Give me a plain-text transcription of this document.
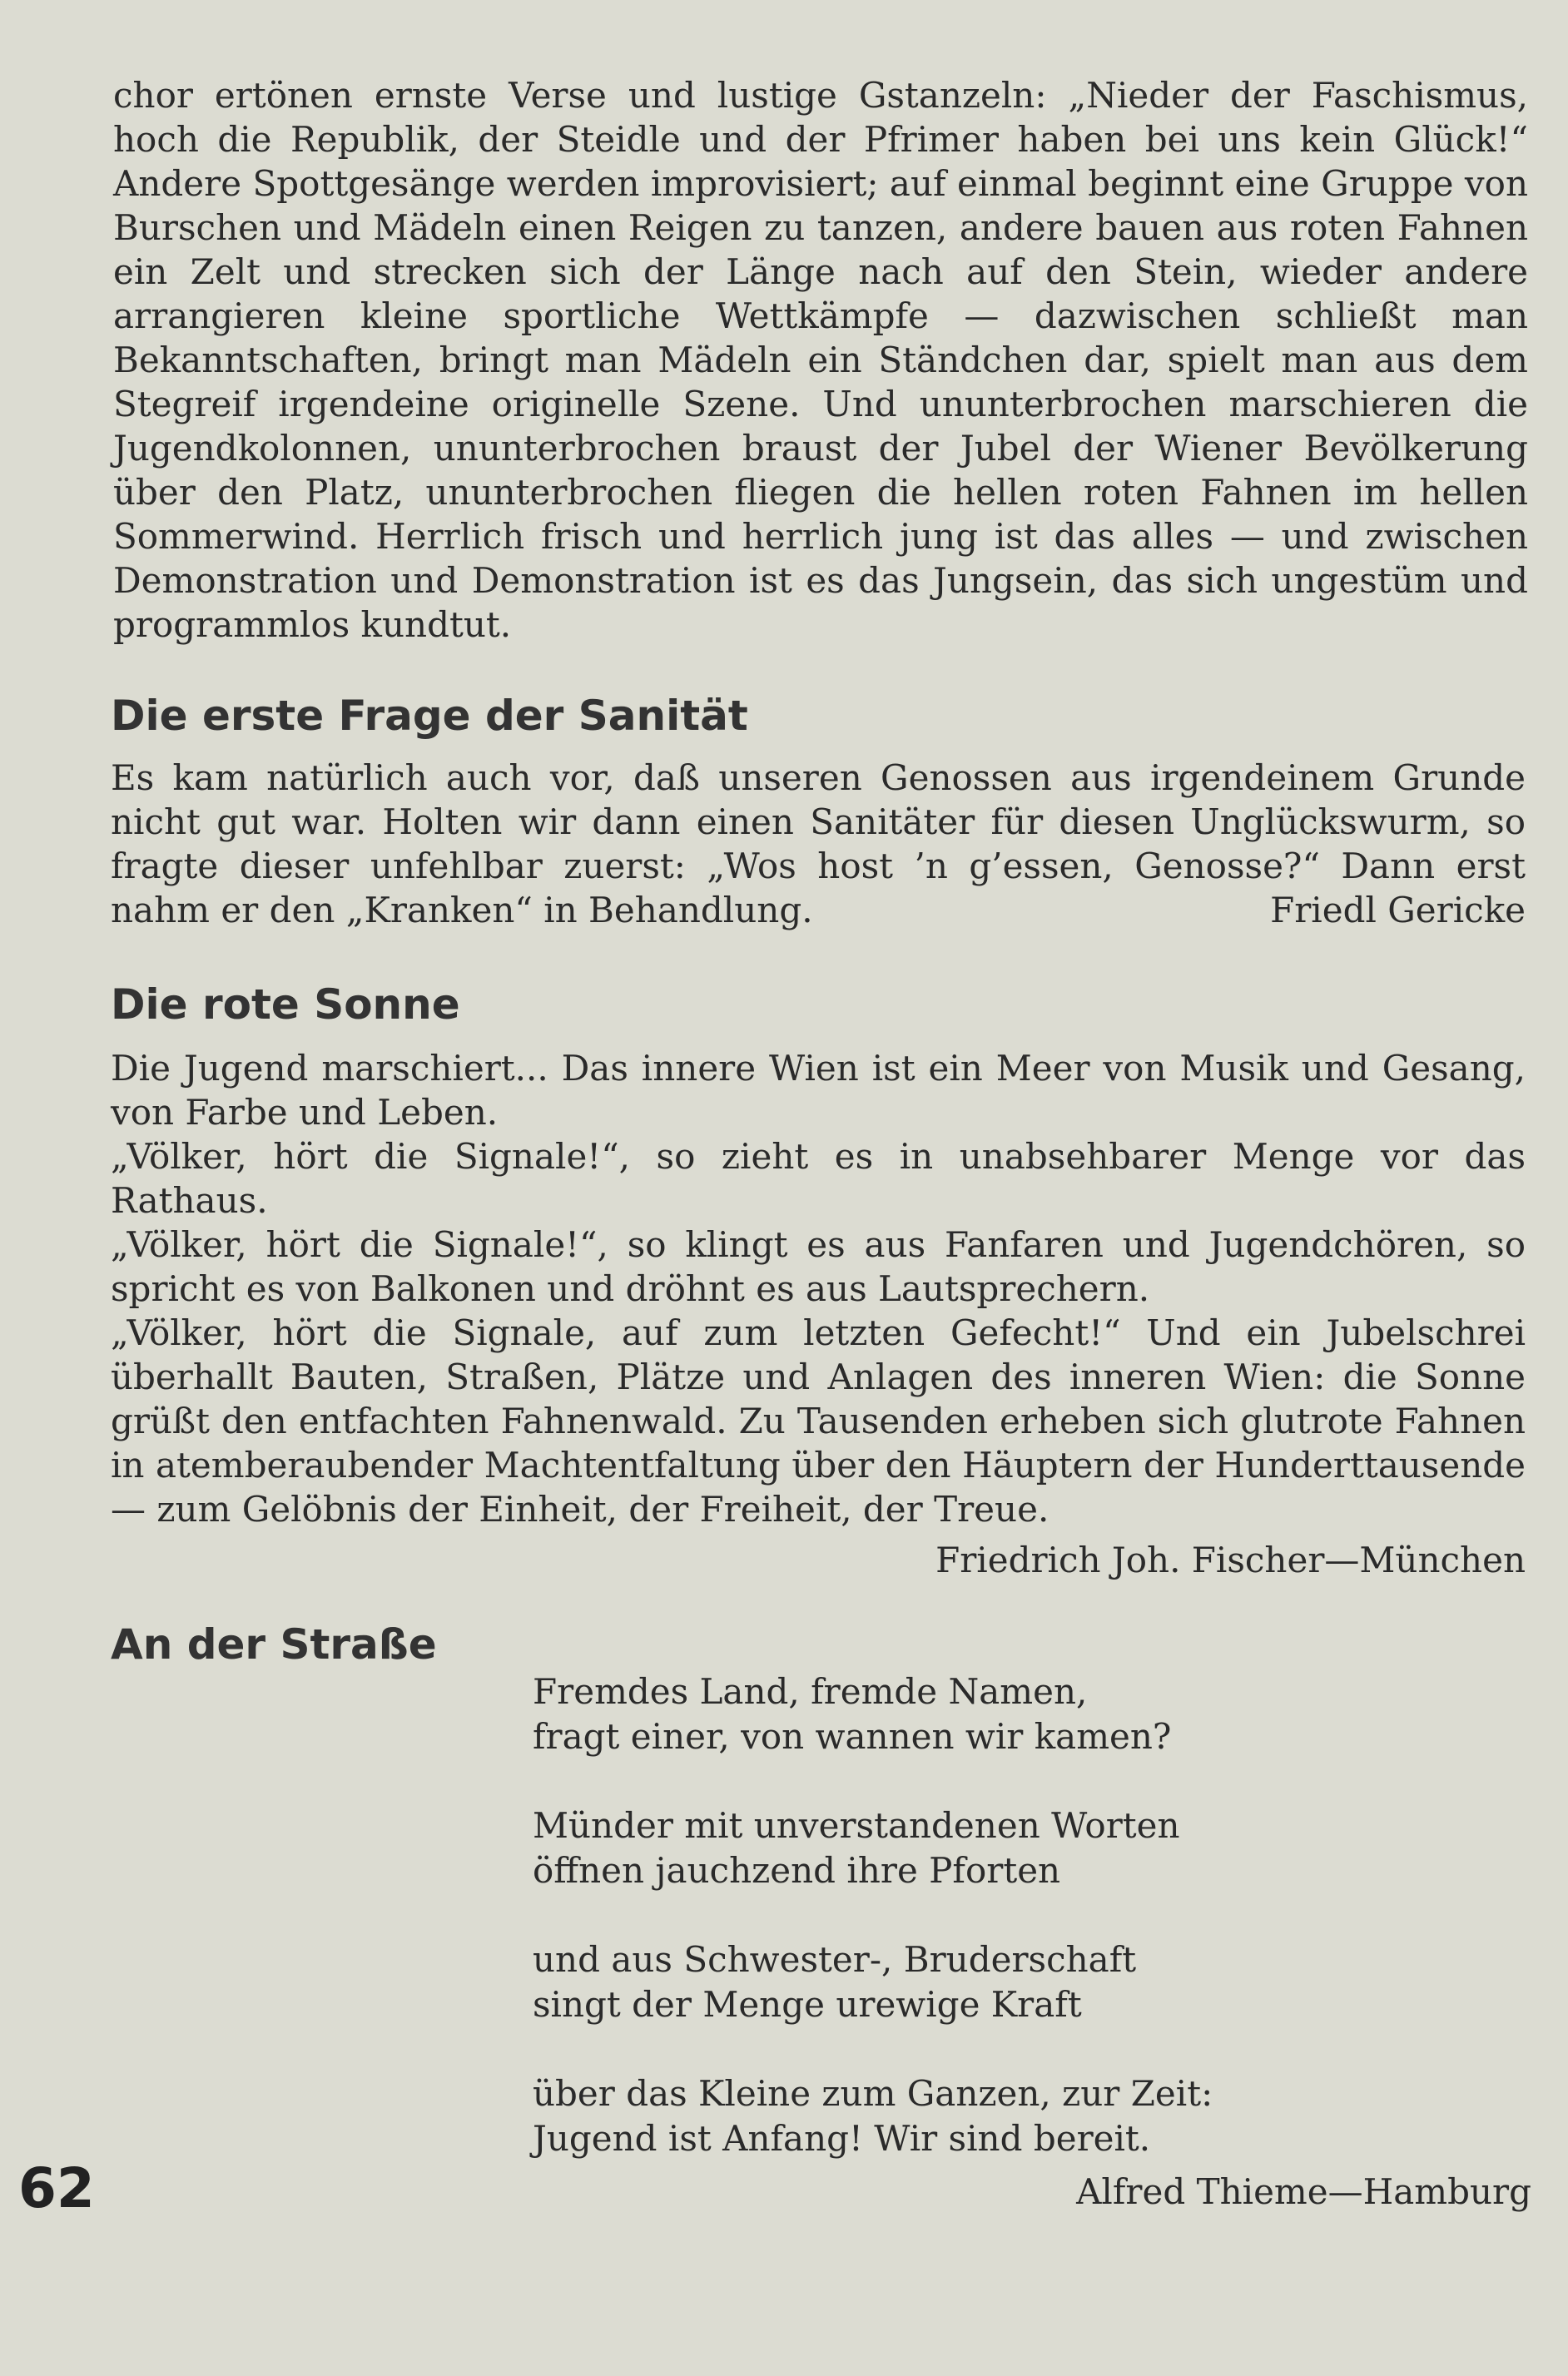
chor ertönen ernste Verse und lustige Gstanzeln: „Nieder der Faschismus, hoch die Republik, der Steidle und der Pfrimer haben bei uns kein Glück!“ Andere Spottgesänge werden improvisiert; auf einmal beginnt eine Gruppe von Burschen und Mädeln einen Reigen zu tanzen, andere bauen aus roten Fahnen ein Zelt und strecken sich der Länge nach auf den Stein, wieder andere arrangieren kleine sportliche Wettkämpfe — dazwischen schließt man Bekanntschaften, bringt man Mädeln ein Ständchen dar, spielt man aus dem Stegreif irgendeine originelle Szene. Und ununterbrochen marschieren die Jugendkolonnen, ununterbrochen braust der Jubel der Wiener Bevölkerung über den Platz, ununterbrochen fliegen die hellen roten Fahnen im hellen Sommerwind. Herrlich frisch und herrlich jung ist das alles — und zwischen Demonstration und Demonstration ist es das Jungsein, das sich ungestüm und programmlos kundtut.

Die erste Frage der Sanität

Es kam natürlich auch vor, daß unseren Genossen aus irgendeinem Grunde nicht gut war. Holten wir dann einen Sanitäter für diesen Unglückswurm, so fragte dieser unfehlbar zuerst: „Wos host ’n g’essen, Genosse?“ Dann erst nahm er den „Kranken“ in Behandlung.	Friedl Gericke
Die rote Sonne

Die Jugend marschiert... Das innere Wien ist ein Meer von Musik und Gesang, von Farbe und Leben.

„Völker, hört die Signale!“, so zieht es in unabsehbarer Menge vor das Rathaus.

„Völker, hört die Signale!“, so klingt es aus Fanfaren und Jugendchören, so spricht es von Balkonen und dröhnt es aus Lautsprechern.

„Völker, hört die Signale, auf zum letzten Gefecht!“ Und ein Jubelschrei überhallt Bauten, Straßen, Plätze und Anlagen des inneren Wien: die Sonne grüßt den entfachten Fahnenwald. Zu Tausenden erheben sich glutrote Fahnen in atemberaubender Machtentfaltung über den Häuptern der Hunderttausende — zum Gelöbnis der Einheit, der Freiheit, der Treue.

Friedrich Joh. Fischer—München
An der Straße
Fremdes Land, fremde Namen,
fragt einer, von wannen wir kamen?
Münder mit unverstandenen Worten
öffnen jauchzend ihre Pforten
und aus Schwester-, Bruderschaft
singt der Menge urewige Kraft
über das Kleine zum Ganzen, zur Zeit:
Jugend ist Anfang! Wir sind bereit.
62	Alfred Thieme—Hamburg
